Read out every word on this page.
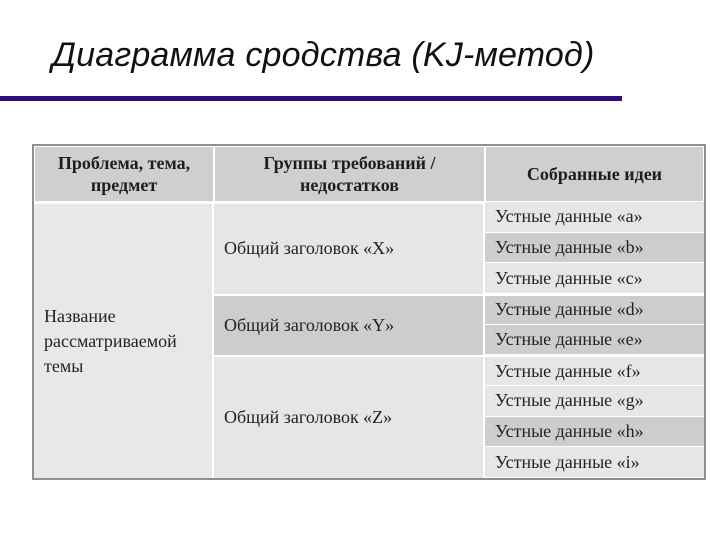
Диаграмма сродства (KJ-метод)
Проблема, тема, предмет	Группы требований / недостатков	Собранные идеи
Название рассматриваемой темы	Общий заголовок «X»	Устные данные «a»
		Устные данные «b»
		Устные данные «c»
	Общий заголовок «Y»	Устные данные «d»
		Устные данные «e»
	Общий заголовок «Z»	Устные данные «f»
		Устные данные «g»
		Устные данные «h»
		Устные данные «i»
